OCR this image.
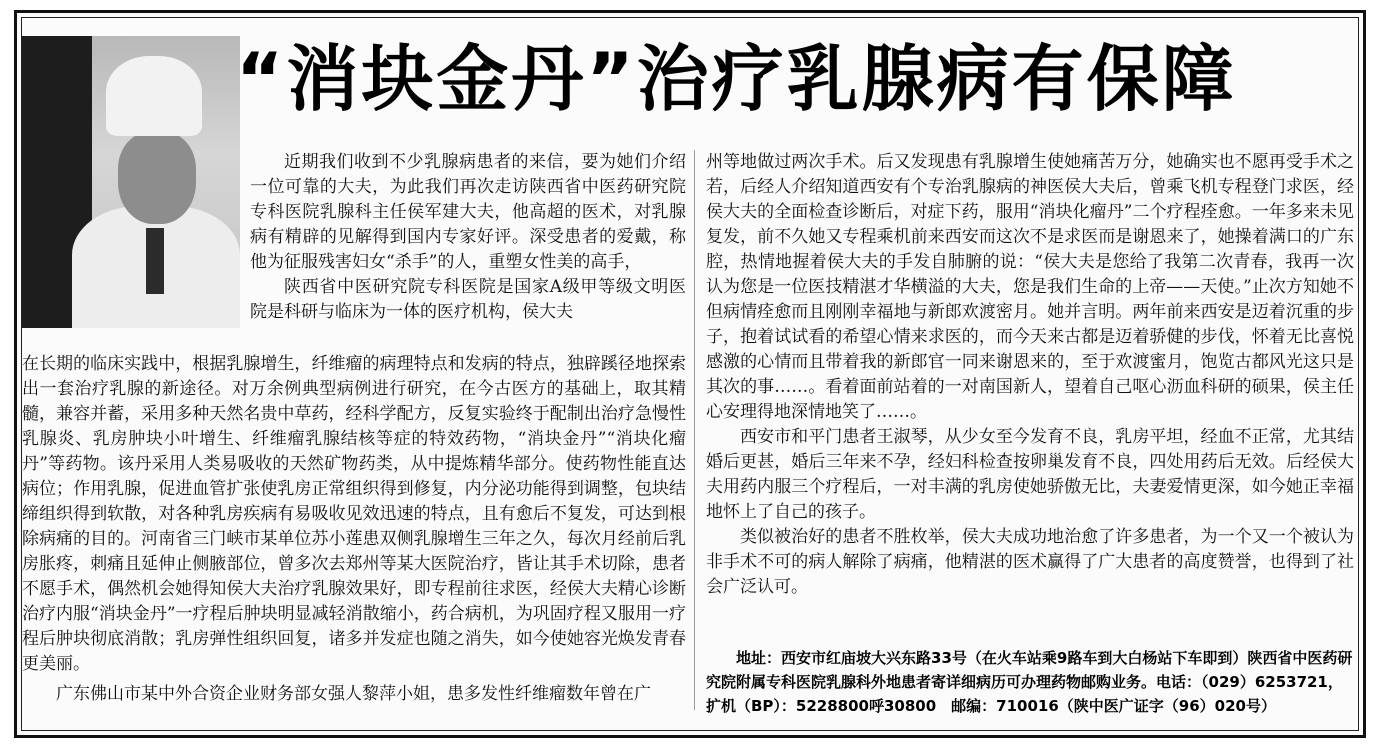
“消块金丹”治疗乳腺病有保障

近期我们收到不少乳腺病患者的来信，要为她们介绍一位可靠的大夫，为此我们再次走访陕西省中医药研究院专科医院乳腺科主任侯军建大夫，他高超的医术，对乳腺病有精辟的见解得到国内专家好评。深受患者的爱戴，称他为征服残害妇女“杀手”的人，重塑女性美的高手，

陕西省中医研究院专科医院是国家A级甲等级文明医院是科研与临床为一体的医疗机构，侯大夫

在长期的临床实践中，根据乳腺增生，纤维瘤的病理特点和发病的特点，独辟蹊径地探索出一套治疗乳腺的新途径。对万余例典型病例进行研究，在今古医方的基础上，取其精髓，兼容并蓄，采用多种天然名贵中草药，经科学配方，反复实验终于配制出治疗急慢性乳腺炎、乳房肿块小叶增生、纤维瘤乳腺结核等症的特效药物，“消块金丹”“消块化瘤丹”等药物。该丹采用人类易吸收的天然矿物药类，从中提炼精华部分。使药物性能直达病位；作用乳腺，促进血管扩张使乳房正常组织得到修复，内分泌功能得到调整，包块结缔组织得到软散，对各种乳房疾病有易吸收见效迅速的特点，且有愈后不复发，可达到根除病痛的目的。河南省三门峡市某单位苏小莲患双侧乳腺增生三年之久，每次月经前后乳房胀疼，刺痛且延伸止侧腋部位，曾多次去郑州等某大医院治疗，皆让其手术切除，患者不愿手术，偶然机会她得知侯大夫治疗乳腺效果好，即专程前往求医，经侯大夫精心诊断治疗内服“消块金丹”一疗程后肿块明显减轻消散缩小，药合病机，为巩固疗程又服用一疗程后肿块彻底消散；乳房弹性组织回复，诸多并发症也随之消失，如今使她容光焕发青春更美丽。

广东佛山市某中外合资企业财务部女强人黎萍小姐，患多发性纤维瘤数年曾在广

州等地做过两次手术。后又发现患有乳腺增生使她痛苦万分，她确实也不愿再受手术之若，后经人介绍知道西安有个专治乳腺病的神医侯大夫后，曾乘飞机专程登门求医，经侯大夫的全面检查诊断后，对症下药，服用“消块化瘤丹”二个疗程痊愈。一年多来未见复发，前不久她又专程乘机前来西安而这次不是求医而是谢恩来了，她操着满口的广东腔，热情地握着侯大夫的手发自肺腑的说：“侯大夫是您给了我第二次青春，我再一次认为您是一位医技精湛才华横溢的大夫，您是我们生命的上帝——天使。”止次方知她不但病情痊愈而且刚刚幸福地与新郎欢渡密月。她并言明。两年前来西安是迈着沉重的步子，抱着试试看的希望心情来求医的，而今天来古都是迈着骄健的步伐，怀着无比喜悦感激的心情而且带着我的新郎官一同来谢恩来的，至于欢渡蜜月，饱览古都风光这只是其次的事……。看着面前站着的一对南国新人，望着自己呕心沥血科研的硕果，侯主任心安理得地深情地笑了……。

西安市和平门患者王淑琴，从少女至今发育不良，乳房平坦，经血不正常，尤其结婚后更甚，婚后三年来不孕，经妇科检查按卵巢发育不良，四处用药后无效。后经侯大夫用药内服三个疗程后，一对丰满的乳房使她骄傲无比，夫妻爱情更深，如今她正幸福地怀上了自己的孩子。

类似被治好的患者不胜枚举，侯大夫成功地治愈了许多患者，为一个又一个被认为非手术不可的病人解除了病痛，他精湛的医术赢得了广大患者的高度赞誉，也得到了社会广泛认可。

地址：西安市红庙坡大兴东路33号（在火车站乘9路车到大白杨站下车即到）陕西省中医药研究院附属专科医院乳腺科外地患者寄详细病历可办理药物邮购业务。电话：（029）6253721，扩机（BP）：5228800呼30800　邮编：710016（陕中医广证字（96）020号）
